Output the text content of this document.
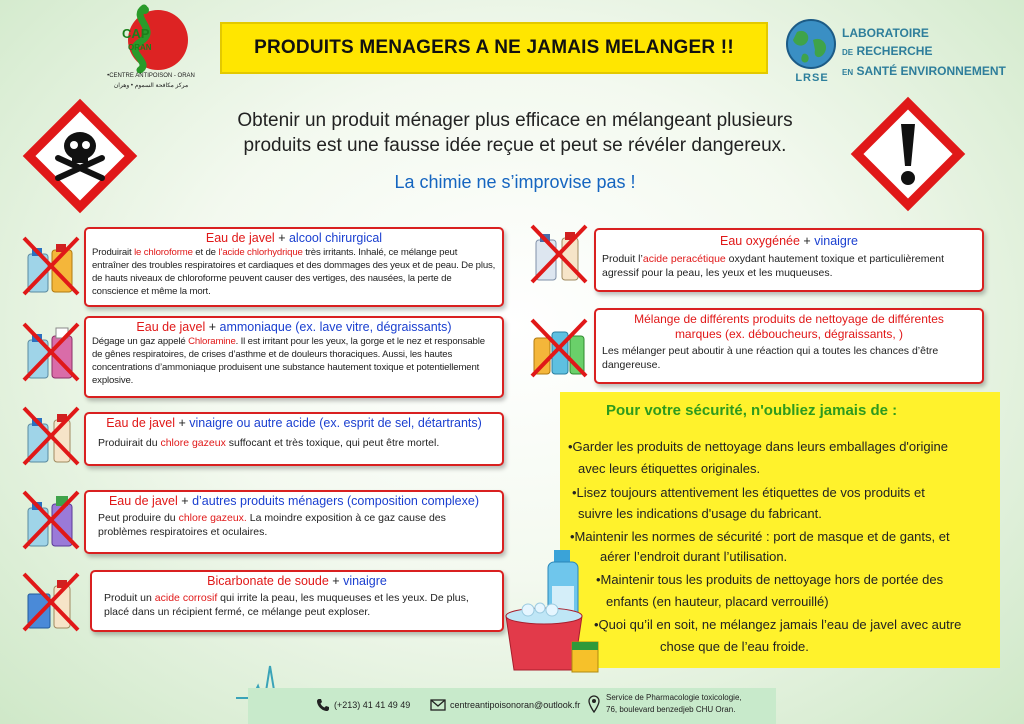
CAP
ORAN
•CENTRE ANTIPOISON - ORAN
مركز مكافحة السموم • وهران
PRODUITS MENAGERS A NE JAMAIS MELANGER !!
LRSE
LABORATOIRE
DE RECHERCHE
EN SANTÉ ENVIRONNEMENT
Obtenir un produit ménager plus efficace en mélangeant plusieurs
produits est une fausse idée reçue et peut se révéler dangereux.
La chimie ne s’improvise pas !
Eau de javel + alcool chirurgical
Produirait le chloroforme et de l’acide chlorhydrique très irritants. Inhalé, ce mélange peut entraîner des troubles respiratoires et cardiaques et des dommages des yeux et de peau. De plus, de hauts niveaux de chloroforme peuvent causer des vertiges, des nausées, la perte de conscience et même la mort.
Eau de javel + ammoniaque (ex. lave vitre, dégraissants)
Dégage un gaz appelé Chloramine. Il est irritant pour les yeux, la gorge et le nez et responsable de gênes respiratoires, de crises d’asthme et de douleurs thoraciques. Aussi, les hautes concentrations d’ammoniaque produisent une substance hautement toxique et potentiellement explosive.
Eau de javel + vinaigre ou autre acide (ex. esprit de sel, détartrants)
Produirait du chlore gazeux suffocant et très toxique, qui peut être mortel.
Eau de javel + d’autres produits ménagers (composition complexe)
Peut produire du chlore gazeux. La moindre exposition à ce gaz cause des problèmes respiratoires et oculaires.
Bicarbonate de soude + vinaigre
Produit un acide corrosif qui irrite la peau, les muqueuses et les yeux. De plus, placé dans un récipient fermé, ce mélange peut exploser.
Eau oxygénée + vinaigre
Produit l’acide peracétique oxydant hautement toxique et particulièrement agressif pour la peau, les yeux et les muqueuses.
Mélange de différents produits de nettoyage de différentes marques (ex. déboucheurs, dégraissants, )
Les mélanger peut aboutir à une réaction qui a toutes les chances d’être dangereuse.
Pour votre sécurité, n'oubliez jamais de :
•Garder les produits de nettoyage dans leurs emballages d'origine
avec leurs étiquettes originales.
•Lisez toujours attentivement les étiquettes de vos produits et
suivre les indications d'usage du fabricant.
•Maintenir les normes de sécurité : port de masque et de gants, et
aérer l’endroit durant l’utilisation.
•Maintenir tous les produits de nettoyage hors de portée des
enfants (en hauteur, placard verrouillé)
•Quoi qu’il en soit, ne mélangez jamais l’eau de javel avec autre
chose que de l’eau froide.
(+213) 41 41 49 49	centreantipoisonoran@outlook.fr
Service de Pharmacologie toxicologie,
76, boulevard benzedjeb CHU Oran.
